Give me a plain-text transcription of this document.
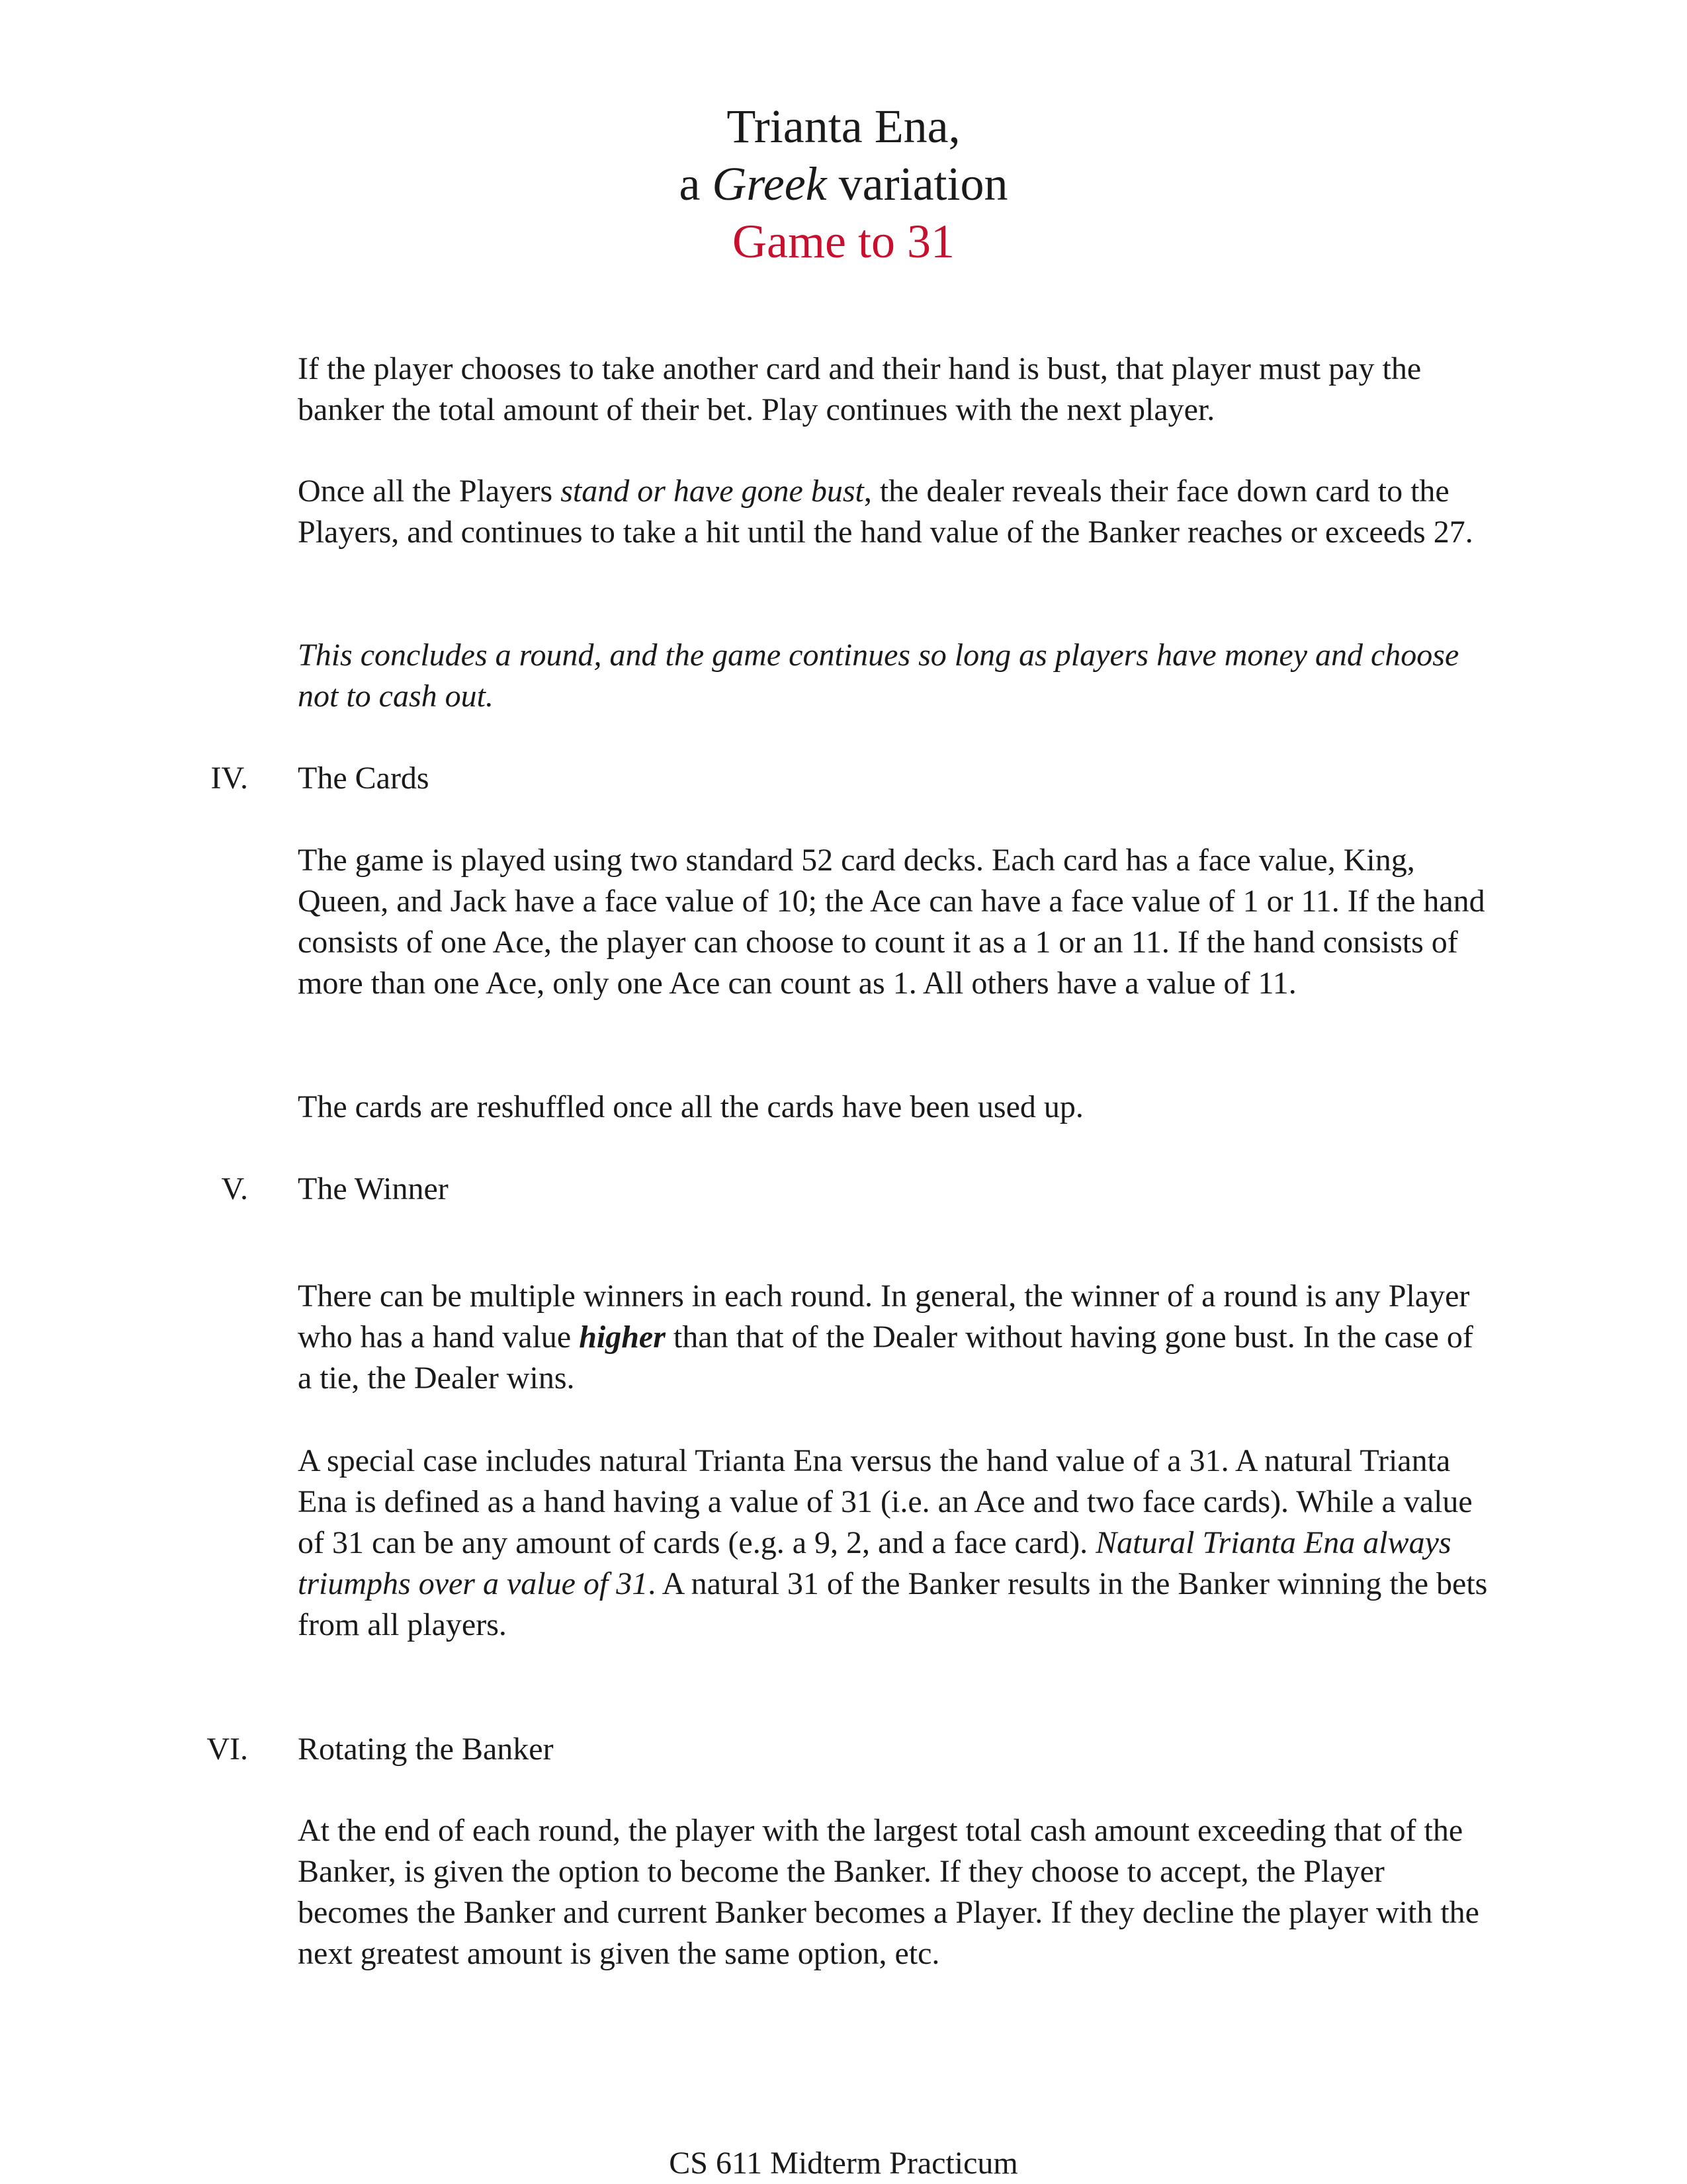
Trianta Ena,
a Greek variation
Game to 31

If the player chooses to take another card and their hand is bust, that player must pay the banker the total amount of their bet. Play continues with the next player.

Once all the Players stand or have gone bust, the dealer reveals their face down card to the Players, and continues to take a hit until the hand value of the Banker reaches or exceeds 27.

This concludes a round, and the game continues so long as players have money and choose not to cash out.

IV. The Cards

The game is played using two standard 52 card decks. Each card has a face value, King, Queen, and Jack have a face value of 10; the Ace can have a face value of 1 or 11. If the hand consists of one Ace, the player can choose to count it as a 1 or an 11. If the hand consists of more than one Ace, only one Ace can count as 1. All others have a value of 11.

The cards are reshuffled once all the cards have been used up.

V. The Winner

There can be multiple winners in each round. In general, the winner of a round is any Player who has a hand value higher than that of the Dealer without having gone bust. In the case of a tie, the Dealer wins.

A special case includes natural Trianta Ena versus the hand value of a 31. A natural Trianta Ena is defined as a hand having a value of 31 (i.e. an Ace and two face cards). While a value of 31 can be any amount of cards (e.g. a 9, 2, and a face card). Natural Trianta Ena always triumphs over a value of 31. A natural 31 of the Banker results in the Banker winning the bets from all players.

VI. Rotating the Banker

At the end of each round, the player with the largest total cash amount exceeding that of the Banker, is given the option to become the Banker. If they choose to accept, the Player becomes the Banker and current Banker becomes a Player. If they decline the player with the next greatest amount is given the same option, etc.

CS 611 Midterm Practicum
